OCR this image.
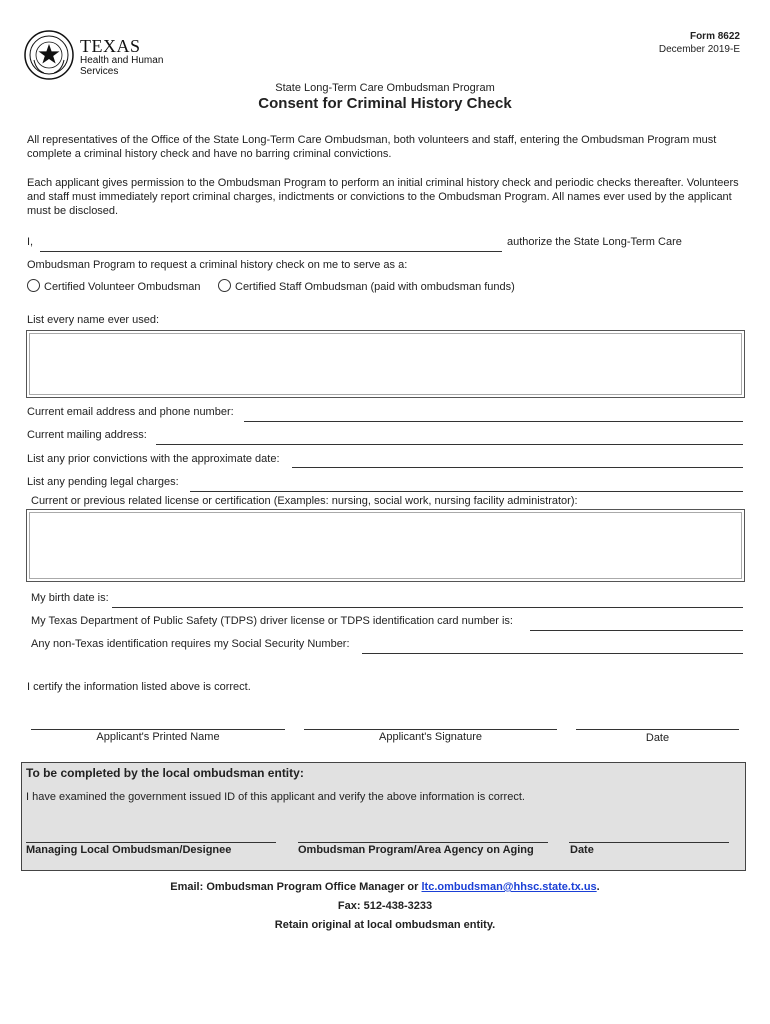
TEXAS
Health and Human
Services
Form 8622
December 2019-E
State Long-Term Care Ombudsman Program
Consent for Criminal History Check
All representatives of the Office of the State Long-Term Care Ombudsman, both volunteers and staff, entering the Ombudsman Program must complete a criminal history check and have no barring criminal convictions.
Each applicant gives permission to the Ombudsman Program to perform an initial criminal history check and periodic checks thereafter. Volunteers and staff must immediately report criminal charges, indictments or convictions to the Ombudsman Program. All names ever used by the applicant must be disclosed.
I,	authorize the State Long-Term Care
Ombudsman Program to request a criminal history check on me to serve as a:
Certified Volunteer Ombudsman	Certified Staff Ombudsman (paid with ombudsman funds)
List every name ever used:
Current email address and phone number:
Current mailing address:
List any prior convictions with the approximate date:
List any pending legal charges:
Current or previous related license or certification (Examples: nursing, social work, nursing facility administrator):
My birth date is:
My Texas Department of Public Safety (TDPS) driver license or TDPS identification card number is:
Any non-Texas identification requires my Social Security Number:
I certify the information listed above is correct.
Applicant's Printed Name	Applicant's Signature	Date
To be completed by the local ombudsman entity:
I have examined the government issued ID of this applicant and verify the above information is correct.
Managing Local Ombudsman/Designee	Ombudsman Program/Area Agency on Aging	Date
Email: Ombudsman Program Office Manager or ltc.ombudsman@hhsc.state.tx.us.
Fax: 512-438-3233
Retain original at local ombudsman entity.
